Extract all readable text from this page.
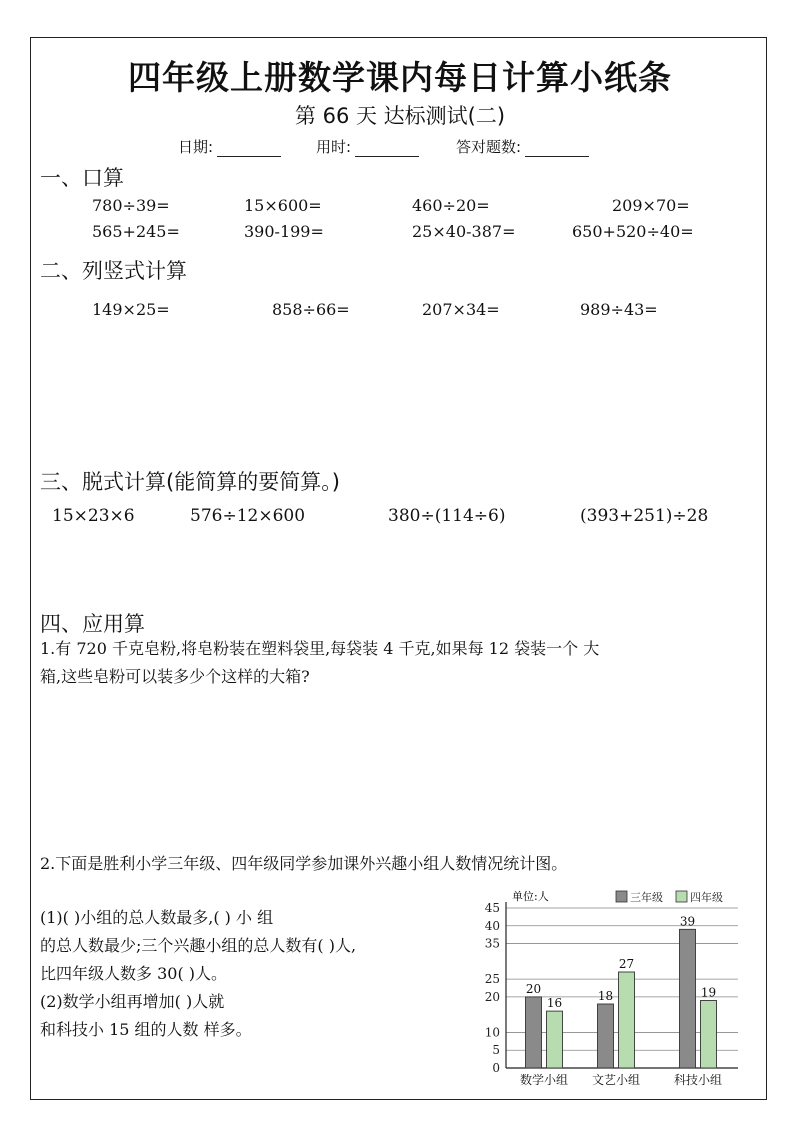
四年级上册数学课内每日计算小纸条
第 66 天 达标测试(二)
日期:	用时:	答对题数:
一、口算
780÷39=	15×600=	460÷20=	209×70=
565+245=	390-199=	25×40-387=	650+520÷40=
二、列竖式计算
149×25=	858÷66=	207×34=	989÷43=
三、脱式计算(能简算的要简算。)
15×23×6	576÷12×600	380÷(114÷6)	(393+251)÷28
四、应用算
1.有 720 千克皂粉,将皂粉装在塑料袋里,每袋装 4 千克,如果每 12 袋装一个 大
箱,这些皂粉可以装多少个这样的大箱?
2.下面是胜利小学三年级、四年级同学参加课外兴趣小组人数情况统计图。
(1)( )小组的总人数最多,( ) 小 组
的总人数最少;三个兴趣小组的总人数有( )人,
比四年级人数多 30( )人。
(2)数学小组再增加( )人就
和科技小 15 组的人数 样多。
单位:人
0
5
10
20
25
35
40
45
三年级 四年级
20
16
数学小组
18
27
文艺小组
39
19
科技小组
